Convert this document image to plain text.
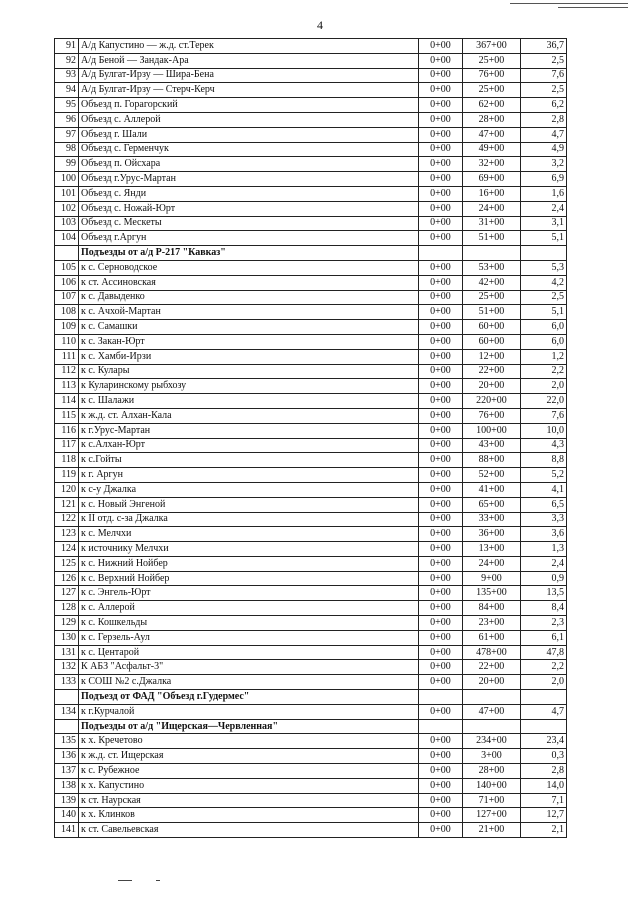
4
91	А/д Капустино — ж.д. ст.Терек	0+00	367+00	36,7
92	А/д Беной — Зандак-Ара	0+00	25+00	2,5
93	А/д Булгат-Ирзу — Шира-Бена	0+00	76+00	7,6
94	А/д Булгат-Ирзу — Стерч-Керч	0+00	25+00	2,5
95	Объезд п. Горагорский	0+00	62+00	6,2
96	Объезд с. Аллерой	0+00	28+00	2,8
97	Объезд г. Шали	0+00	47+00	4,7
98	Объезд с. Герменчук	0+00	49+00	4,9
99	Объезд п. Ойсхара	0+00	32+00	3,2
100	Объезд г.Урус-Мартан	0+00	69+00	6,9
101	Объезд с. Янди	0+00	16+00	1,6
102	Объезд с. Ножай-Юрт	0+00	24+00	2,4
103	Объезд с. Мескеты	0+00	31+00	3,1
104	Объезд г.Аргун	0+00	51+00	5,1
	Подъезды от а/д Р-217 "Кавказ"			
105	к с. Серноводское	0+00	53+00	5,3
106	к ст. Ассиновская	0+00	42+00	4,2
107	к с. Давыденко	0+00	25+00	2,5
108	к с. Ачхой-Мартан	0+00	51+00	5,1
109	к с. Самашки	0+00	60+00	6,0
110	к с. Закан-Юрт	0+00	60+00	6,0
111	к с. Хамби-Ирзи	0+00	12+00	1,2
112	к с. Кулары	0+00	22+00	2,2
113	к Куларинскому рыбхозу	0+00	20+00	2,0
114	к с. Шалажи	0+00	220+00	22,0
115	к ж.д. ст. Алхан-Кала	0+00	76+00	7,6
116	к г.Урус-Мартан	0+00	100+00	10,0
117	к с.Алхан-Юрт	0+00	43+00	4,3
118	к с.Гойты	0+00	88+00	8,8
119	к г. Аргун	0+00	52+00	5,2
120	к с-у Джалка	0+00	41+00	4,1
121	к с. Новый Энгеной	0+00	65+00	6,5
122	к II отд. с-за Джалка	0+00	33+00	3,3
123	к с. Мелчхи	0+00	36+00	3,6
124	к источнику Мелчхи	0+00	13+00	1,3
125	к с. Нижний Нойбер	0+00	24+00	2,4
126	к с. Верхний Нойбер	0+00	9+00	0,9
127	к с. Энгель-Юрт	0+00	135+00	13,5
128	к с. Аллерой	0+00	84+00	8,4
129	к с. Кошкельды	0+00	23+00	2,3
130	к с. Герзель-Аул	0+00	61+00	6,1
131	к с. Центарой	0+00	478+00	47,8
132	К АБЗ "Асфальт-3"	0+00	22+00	2,2
133	к СОШ №2 с.Джалка	0+00	20+00	2,0
	Подъезд от ФАД "Объезд г.Гудермес"			
134	к г.Курчалой	0+00	47+00	4,7
	Подъезды от а/д "Ищерская—Червленная"			
135	к х. Кречетово	0+00	234+00	23,4
136	к ж.д. ст. Ищерская	0+00	3+00	0,3
137	к с. Рубежное	0+00	28+00	2,8
138	к х. Капустино	0+00	140+00	14,0
139	к ст. Наурская	0+00	71+00	7,1
140	к х. Клинков	0+00	127+00	12,7
141	к ст. Савельевская	0+00	21+00	2,1
